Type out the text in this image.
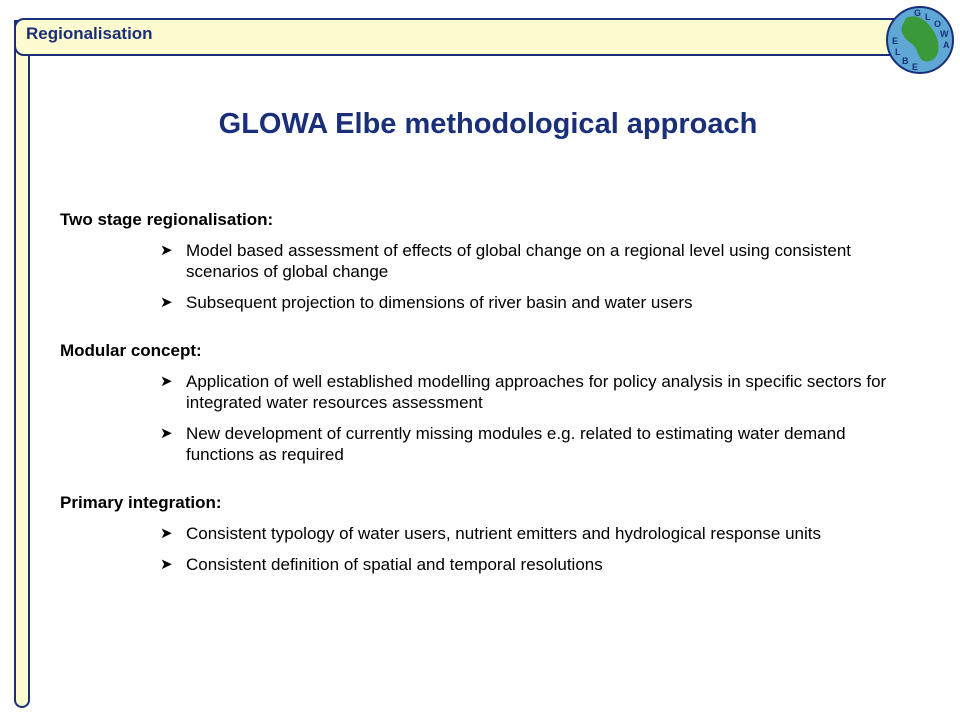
Regionalisation
G L
O
W
A
E
L
B
E
GLOWA Elbe methodological approach
Two stage regionalisation:
➤ Model based assessment of effects of global change on a regional level using consistent scenarios of global change
➤ Subsequent projection to dimensions of river basin and water users
Modular concept:
➤ Application of well established modelling approaches for policy analysis in specific sectors for integrated water resources assessment
➤ New development of currently missing modules e.g. related to estimating water demand functions as required
Primary integration:
➤ Consistent typology of water users, nutrient emitters and hydrological response units
➤ Consistent definition of spatial and temporal resolutions
